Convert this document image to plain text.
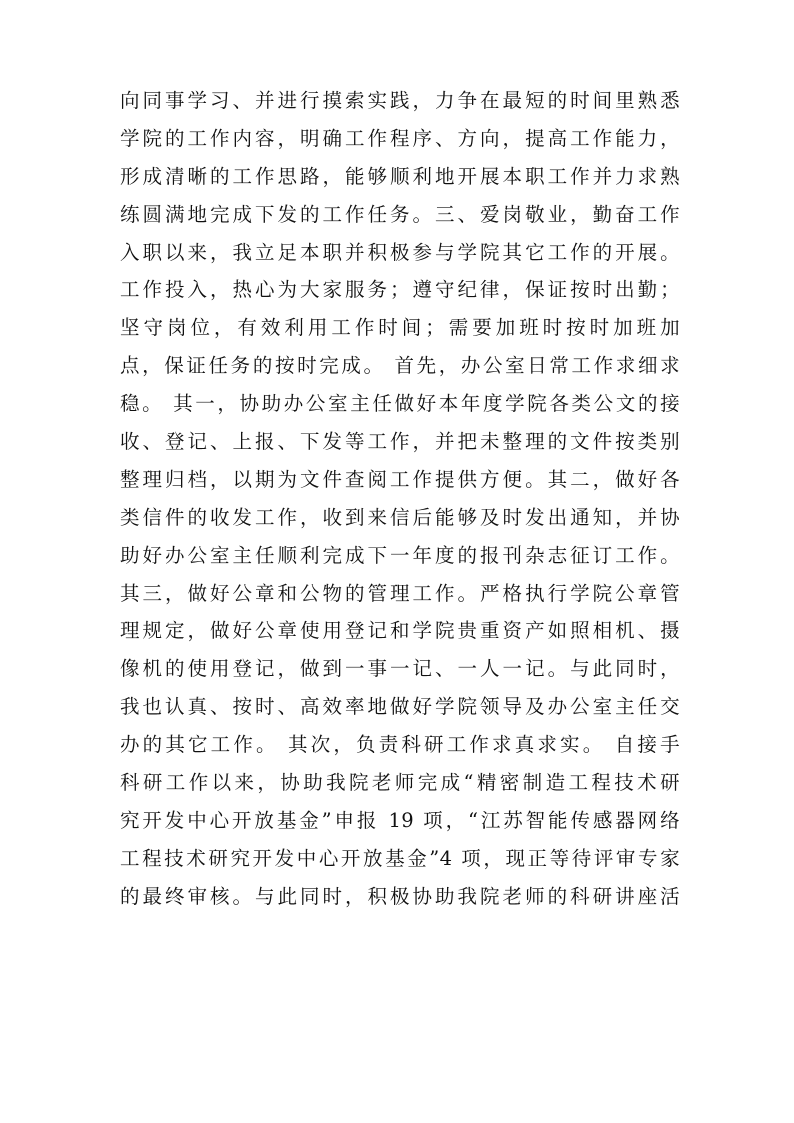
向同事学习、并进行摸索实践，力争在最短的时间里熟悉
学院的工作内容，明确工作程序、方向，提高工作能力，
形成清晰的工作思路，能够顺利地开展本职工作并力求熟
练圆满地完成下发的工作任务。三、爱岗敬业，勤奋工作
入职以来，我立足本职并积极参与学院其它工作的开展。
工作投入，热心为大家服务；遵守纪律，保证按时出勤；
坚守岗位，有效利用工作时间；需要加班时按时加班加
点，保证任务的按时完成。 首先，办公室日常工作求细求
稳。 其一，协助办公室主任做好本年度学院各类公文的接
收、登记、上报、下发等工作，并把未整理的文件按类别
整理归档，以期为文件查阅工作提供方便。其二，做好各
类信件的收发工作，收到来信后能够及时发出通知，并协
助好办公室主任顺利完成下一年度的报刊杂志征订工作。
其三，做好公章和公物的管理工作。严格执行学院公章管
理规定，做好公章使用登记和学院贵重资产如照相机、摄
像机的使用登记，做到一事一记、一人一记。与此同时，
我也认真、按时、高效率地做好学院领导及办公室主任交
办的其它工作。 其次，负责科研工作求真求实。 自接手
科研工作以来，协助我院老师完成“精密制造工程技术研
究开发中心开放基金”申报 19 项，“江苏智能传感器网络
工程技术研究开发中心开放基金”4 项，现正等待评审专家
的最终审核。与此同时，积极协助我院老师的科研讲座活
